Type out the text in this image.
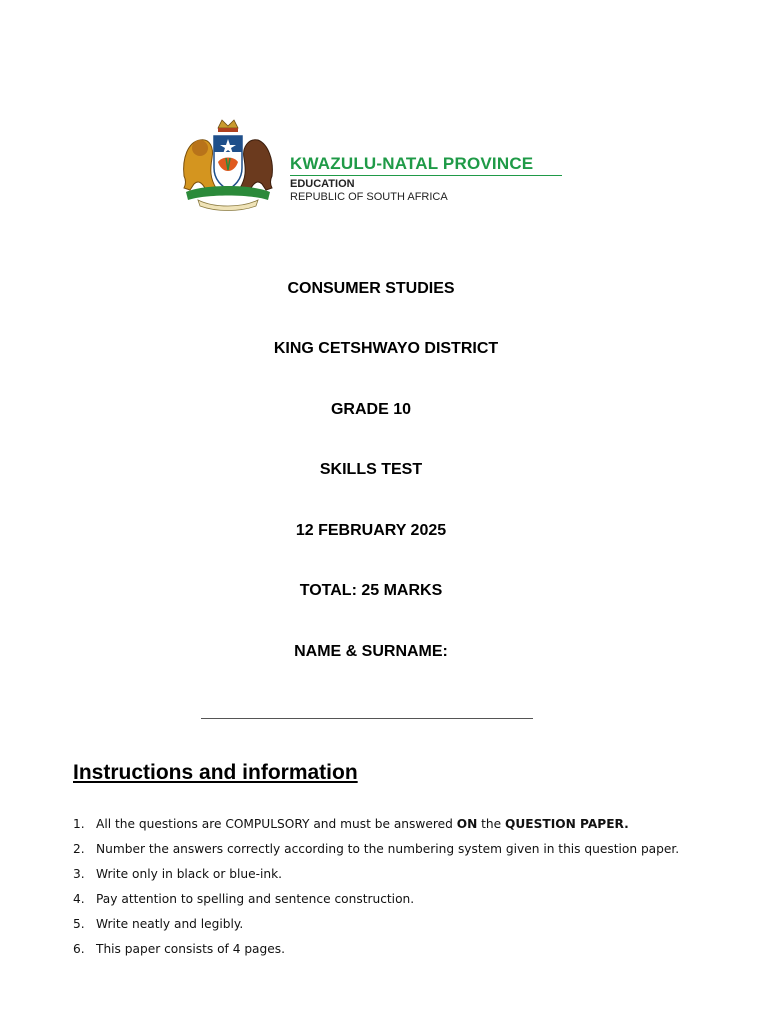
KWAZULU-NATAL PROVINCE
EDUCATION
REPUBLIC OF SOUTH AFRICA
CONSUMER STUDIES
KING CETSHWAYO DISTRICT
GRADE 10
SKILLS TEST
12 FEBRUARY 2025
TOTAL: 25 MARKS
NAME & SURNAME:
Instructions and information
1. All the questions are COMPULSORY and must be answered ON the QUESTION PAPER.
2. Number the answers correctly according to the numbering system given in this question paper.
3. Write only in black or blue-ink.
4. Pay attention to spelling and sentence construction.
5. Write neatly and legibly.
6. This paper consists of 4 pages.
